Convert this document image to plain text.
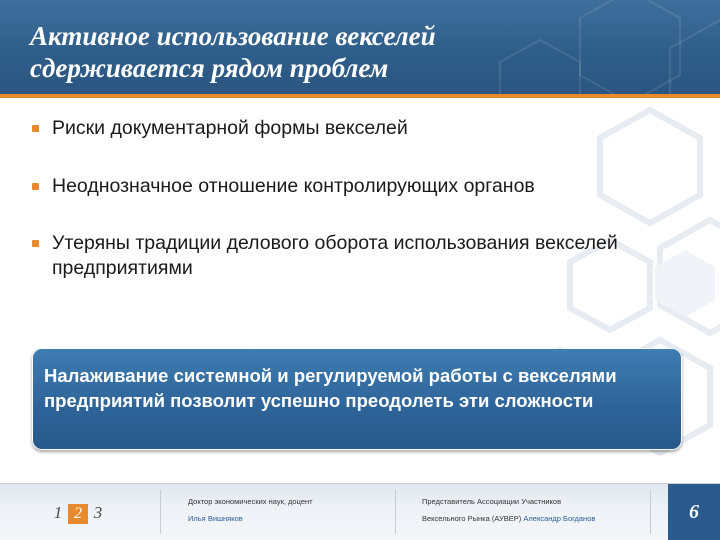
Активное использование векселей
сдерживается рядом проблем
Риски документарной формы векселей
Неоднозначное отношение контролирующих органов
Утеряны традиции делового оборота использования векселей предприятиями

Налаживание системной и регулируемой работы с векселями предприятий позволит успешно преодолеть эти сложности

1 2 3
Доктор экономических наук, доцент
Илья Вишняков
Представитель Ассоциации Участников
Вексельного Рынка (АУВЕР) Александр Богданов	6
